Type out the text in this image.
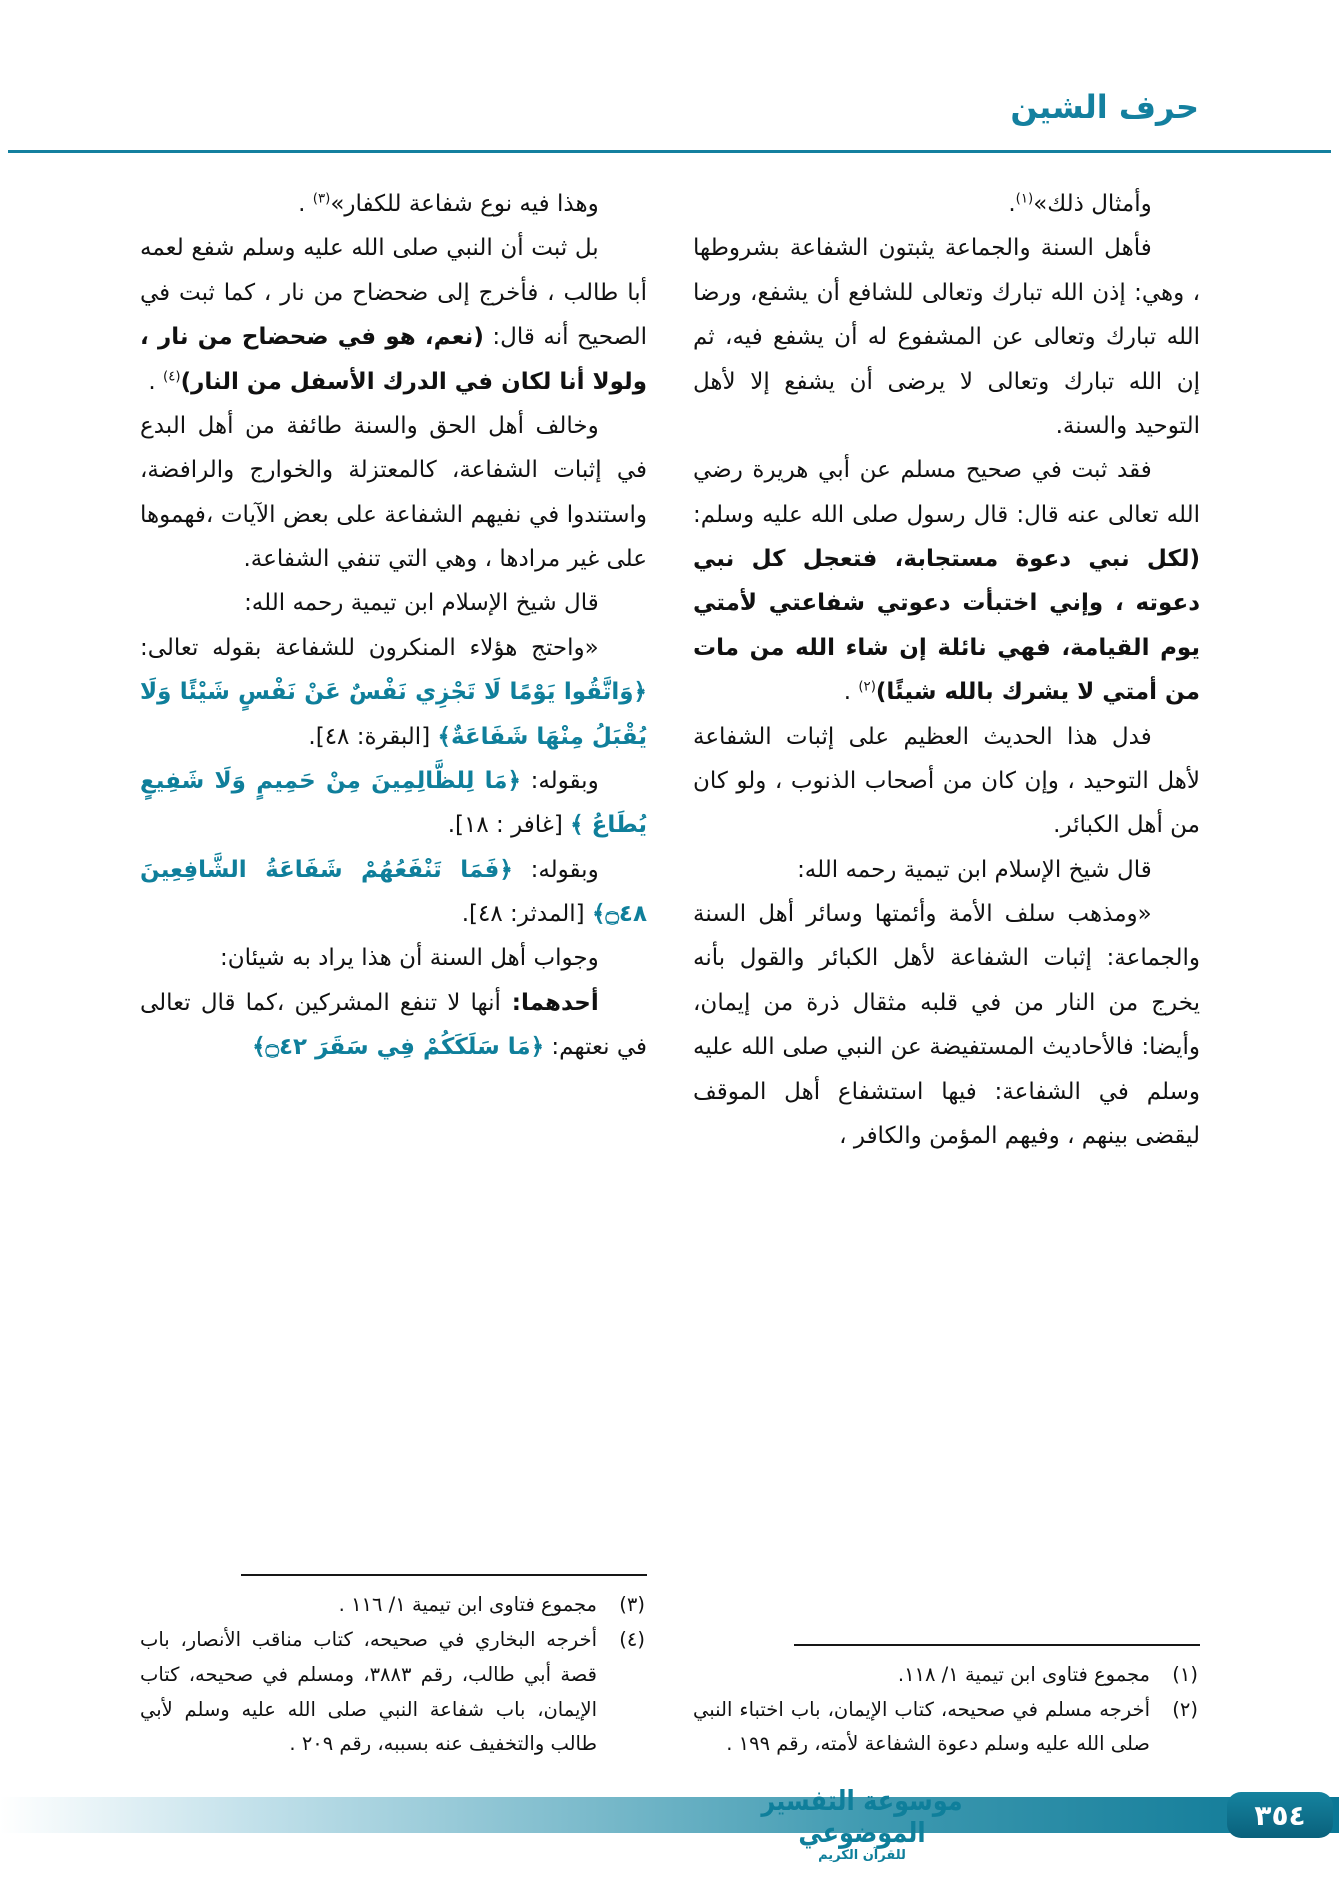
حرف الشين
وأمثال ذلك»$^{(١)}$.
فأهل السنة والجماعة يثبتون الشفاعة بشروطها ، وهي: إذن الله تبارك وتعالى للشافع أن يشفع، ورضا الله تبارك وتعالى عن المشفوع له أن يشفع فيه، ثم إن الله تبارك وتعالى لا يرضى أن يشفع إلا لأهل التوحيد والسنة.
فقد ثبت في صحيح مسلم عن أبي هريرة رضي الله تعالى عنه قال: قال رسول صلى الله عليه وسلم: (لكل نبي دعوة مستجابة، فتعجل كل نبي دعوته ، وإني اختبأت دعوتي شفاعتي لأمتي يوم القيامة، فهي نائلة إن شاء الله من مات من أمتي لا يشرك بالله شيئًا)$^{(٢)}$ .
فدل هذا الحديث العظيم على إثبات الشفاعة لأهل التوحيد ، وإن كان من أصحاب الذنوب ، ولو كان من أهل الكبائر.
قال شيخ الإسلام ابن تيمية رحمه الله:
«ومذهب سلف الأمة وأئمتها وسائر أهل السنة والجماعة: إثبات الشفاعة لأهل الكبائر والقول بأنه يخرج من النار من في قلبه مثقال ذرة من إيمان، وأيضا: فالأحاديث المستفيضة عن النبي صلى الله عليه وسلم في الشفاعة: فيها استشفاع أهل الموقف ليقضى بينهم ، وفيهم المؤمن والكافر ،
(١)
مجموع فتاوى ابن تيمية ١/ ١١٨.
(٢)
أخرجه مسلم في صحيحه، كتاب الإيمان، باب اختباء النبي صلى الله عليه وسلم دعوة الشفاعة لأمته، رقم ١٩٩ .
وهذا فيه نوع شفاعة للكفار»$^{(٣)}$ .
بل ثبت أن النبي صلى الله عليه وسلم شفع لعمه أبا طالب ، فأخرج إلى ضحضاح من نار ، كما ثبت في الصحيح أنه قال: (نعم، هو في ضحضاح من نار ، ولولا أنا لكان في الدرك الأسفل من النار)$^{(٤)}$ .
وخالف أهل الحق والسنة طائفة من أهل البدع في إثبات الشفاعة، كالمعتزلة والخوارج والرافضة، واستندوا في نفيهم الشفاعة على بعض الآيات ،فهموها على غير مرادها ، وهي التي تنفي الشفاعة.
قال شيخ الإسلام ابن تيمية رحمه الله:
«واحتج هؤلاء المنكرون للشفاعة بقوله تعالى: ﴿وَاتَّقُوا يَوْمًا لَا تَجْزِي نَفْسٌ عَنْ نَفْسٍ شَيْئًا وَلَا يُقْبَلُ مِنْهَا شَفَاعَةٌ﴾ [البقرة: ٤٨].
وبقوله: ﴿مَا لِلظَّالِمِينَ مِنْ حَمِيمٍ وَلَا شَفِيعٍ يُطَاعُ ﴾ [غافر : ١٨].
وبقوله: ﴿فَمَا تَنْفَعُهُمْ شَفَاعَةُ الشَّافِعِينَ ۝٤٨﴾ [المدثر: ٤٨].
وجواب أهل السنة أن هذا يراد به شيئان:
أحدهما: أنها لا تنفع المشركين ،كما قال تعالى في نعتهم: ﴿مَا سَلَكَكُمْ فِي سَقَرَ ۝٤٢﴾
(٣)
مجموع فتاوى ابن تيمية ١/ ١١٦ .
(٤)
أخرجه البخاري في صحيحه، كتاب مناقب الأنصار، باب قصة أبي طالب، رقم ٣٨٨٣، ومسلم في صحيحه، كتاب الإيمان، باب شفاعة النبي صلى الله عليه وسلم لأبي طالب والتخفيف عنه بسببه، رقم ٢٠٩ .
موسوعة التفسير الموضوعي
للقرآن الكريم
٣٥٤
